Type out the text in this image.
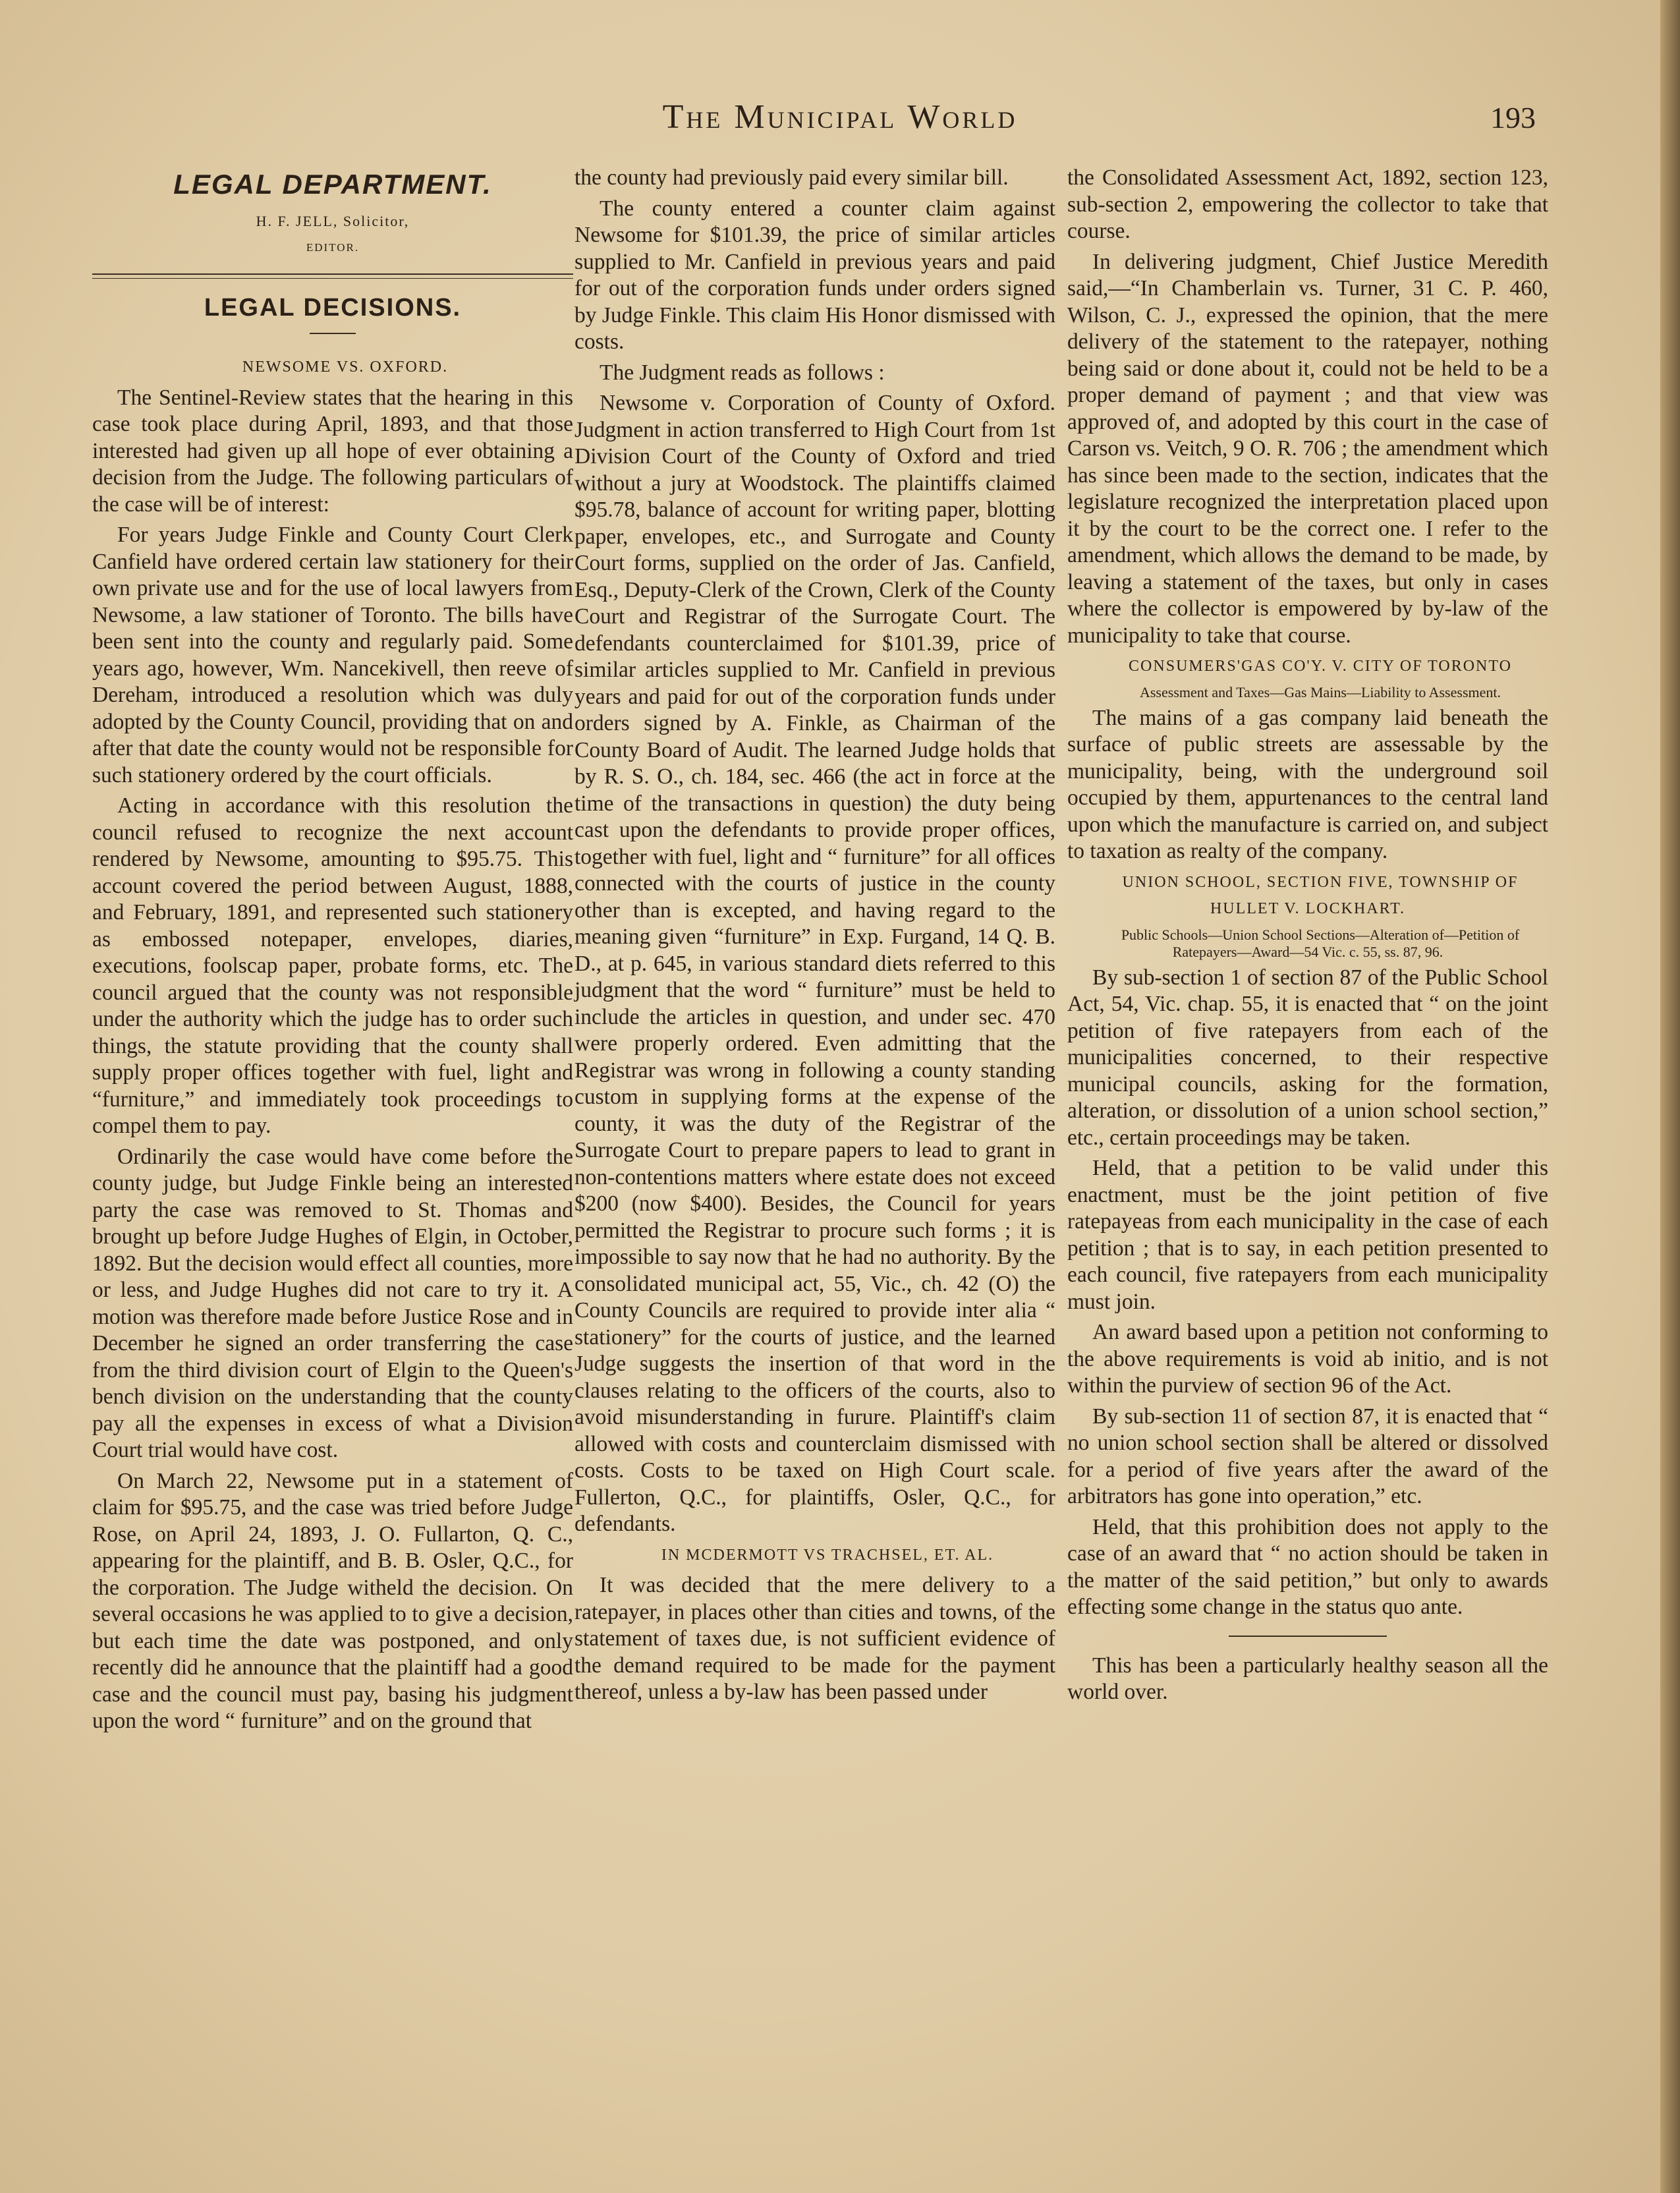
The Municipal World	193
LEGAL DEPARTMENT.

H. F. JELL, Solicitor,

EDITOR.

LEGAL DECISIONS.

NEWSOME VS. OXFORD.

The Sentinel-Review states that the hearing in this case took place during April, 1893, and that those interested had given up all hope of ever obtaining a decision from the Judge. The following particulars of the case will be of interest:

For years Judge Finkle and County Court Clerk Canfield have ordered certain law stationery for their own private use and for the use of local lawyers from Newsome, a law stationer of Toronto. The bills have been sent into the county and regularly paid. Some years ago, however, Wm. Nancekivell, then reeve of Dereham, introduced a resolution which was duly adopted by the County Council, providing that on and after that date the county would not be responsible for such stationery ordered by the court officials.

Acting in accordance with this resolution the council refused to recognize the next account rendered by Newsome, amounting to $95.75. This account covered the period between August, 1888, and February, 1891, and represented such stationery as embossed notepaper, envelopes, diaries, executions, foolscap paper, probate forms, etc. The council argued that the county was not responsible under the authority which the judge has to order such things, the statute providing that the county shall supply proper offices together with fuel, light and “furniture,” and immediately took proceedings to compel them to pay.

Ordinarily the case would have come before the county judge, but Judge Finkle being an interested party the case was removed to St. Thomas and brought up before Judge Hughes of Elgin, in October, 1892. But the decision would effect all counties, more or less, and Judge Hughes did not care to try it. A motion was therefore made before Justice Rose and in December he signed an order transferring the case from the third division court of Elgin to the Queen's bench division on the understanding that the county pay all the expenses in excess of what a Division Court trial would have cost.

On March 22, Newsome put in a statement of claim for $95.75, and the case was tried before Judge Rose, on April 24, 1893, J. O. Fullarton, Q. C., appearing for the plaintiff, and B. B. Osler, Q.C., for the corporation. The Judge witheld the decision. On several occasions he was applied to to give a decision, but each time the date was postponed, and only recently did he announce that the plaintiff had a good case and the council must pay, basing his judgment upon the word “ furniture” and on the ground that

the county had previously paid every similar bill.

The county entered a counter claim against Newsome for $101.39, the price of similar articles supplied to Mr. Canfield in previous years and paid for out of the corporation funds under orders signed by Judge Finkle. This claim His Honor dismissed with costs.

The Judgment reads as follows :

Newsome v. Corporation of County of Oxford. Judgment in action transferred to High Court from 1st Division Court of the County of Oxford and tried without a jury at Woodstock. The plaintiffs claimed $95.78, balance of account for writing paper, blotting paper, envelopes, etc., and Surrogate and County Court forms, supplied on the order of Jas. Canfield, Esq., Deputy-Clerk of the Crown, Clerk of the County Court and Registrar of the Surrogate Court. The defendants counterclaimed for $101.39, price of similar articles supplied to Mr. Canfield in previous years and paid for out of the corporation funds under orders signed by A. Finkle, as Chairman of the County Board of Audit. The learned Judge holds that by R. S. O., ch. 184, sec. 466 (the act in force at the time of the transactions in question) the duty being cast upon the defendants to provide proper offices, together with fuel, light and “ furniture” for all offices connected with the courts of justice in the county other than is excepted, and having regard to the meaning given “furniture” in Exp. Furgand, 14 Q. B. D., at p. 645, in various standard diets referred to this judgment that the word “ furniture” must be held to include the articles in question, and under sec. 470 were properly ordered. Even admitting that the Registrar was wrong in following a county standing custom in supplying forms at the expense of the county, it was the duty of the Registrar of the Surrogate Court to prepare papers to lead to grant in non-contentions matters where estate does not exceed $200 (now $400). Besides, the Council for years permitted the Registrar to procure such forms ; it is impossible to say now that he had no authority. By the consolidated municipal act, 55, Vic., ch. 42 (O) the County Councils are required to provide inter alia “ stationery” for the courts of justice, and the learned Judge suggests the insertion of that word in the clauses relating to the officers of the courts, also to avoid misunderstanding in furure. Plaintiff's claim allowed with costs and counterclaim dismissed with costs. Costs to be taxed on High Court scale. Fullerton, Q.C., for plaintiffs, Osler, Q.C., for defendants.

IN MCDERMOTT VS TRACHSEL, ET. AL.

It was decided that the mere delivery to a ratepayer, in places other than cities and towns, of the statement of taxes due, is not sufficient evidence of the demand required to be made for the payment thereof, unless a by-law has been passed under

the Consolidated Assessment Act, 1892, section 123, sub-section 2, empowering the collector to take that course.

In delivering judgment, Chief Justice Meredith said,—“In Chamberlain vs. Turner, 31 C. P. 460, Wilson, C. J., expressed the opinion, that the mere delivery of the statement to the ratepayer, nothing being said or done about it, could not be held to be a proper demand of payment ; and that view was approved of, and adopted by this court in the case of Carson vs. Veitch, 9 O. R. 706 ; the amendment which has since been made to the section, indicates that the legislature recognized the interpretation placed upon it by the court to be the correct one. I refer to the amendment, which allows the demand to be made, by leaving a statement of the taxes, but only in cases where the collector is empowered by by-law of the municipality to take that course.

CONSUMERS'GAS CO'Y. V. CITY OF TORONTO

Assessment and Taxes—Gas Mains—Liability to Assessment.

The mains of a gas company laid beneath the surface of public streets are assessable by the municipality, being, with the underground soil occupied by them, appurtenances to the central land upon which the manufacture is carried on, and subject to taxation as realty of the company.

UNION SCHOOL, SECTION FIVE, TOWNSHIP OF HULLET V. LOCKHART.

Public Schools—Union School Sections—Alteration of—Petition of Ratepayers—Award—54 Vic. c. 55, ss. 87, 96.

By sub-section 1 of section 87 of the Public School Act, 54, Vic. chap. 55, it is enacted that “ on the joint petition of five ratepayers from each of the municipalities concerned, to their respective municipal councils, asking for the formation, alteration, or dissolution of a union school section,” etc., certain proceedings may be taken.

Held, that a petition to be valid under this enactment, must be the joint petition of five ratepayeas from each municipality in the case of each petition ; that is to say, in each petition presented to each council, five ratepayers from each municipality must join.

An award based upon a petition not conforming to the above requirements is void ab initio, and is not within the purview of section 96 of the Act.

By sub-section 11 of section 87, it is enacted that “ no union school section shall be altered or dissolved for a period of five years after the award of the arbitrators has gone into operation,” etc.

Held, that this prohibition does not apply to the case of an award that “ no action should be taken in the matter of the said petition,” but only to awards effecting some change in the status quo ante.

This has been a particularly healthy season all the world over.
